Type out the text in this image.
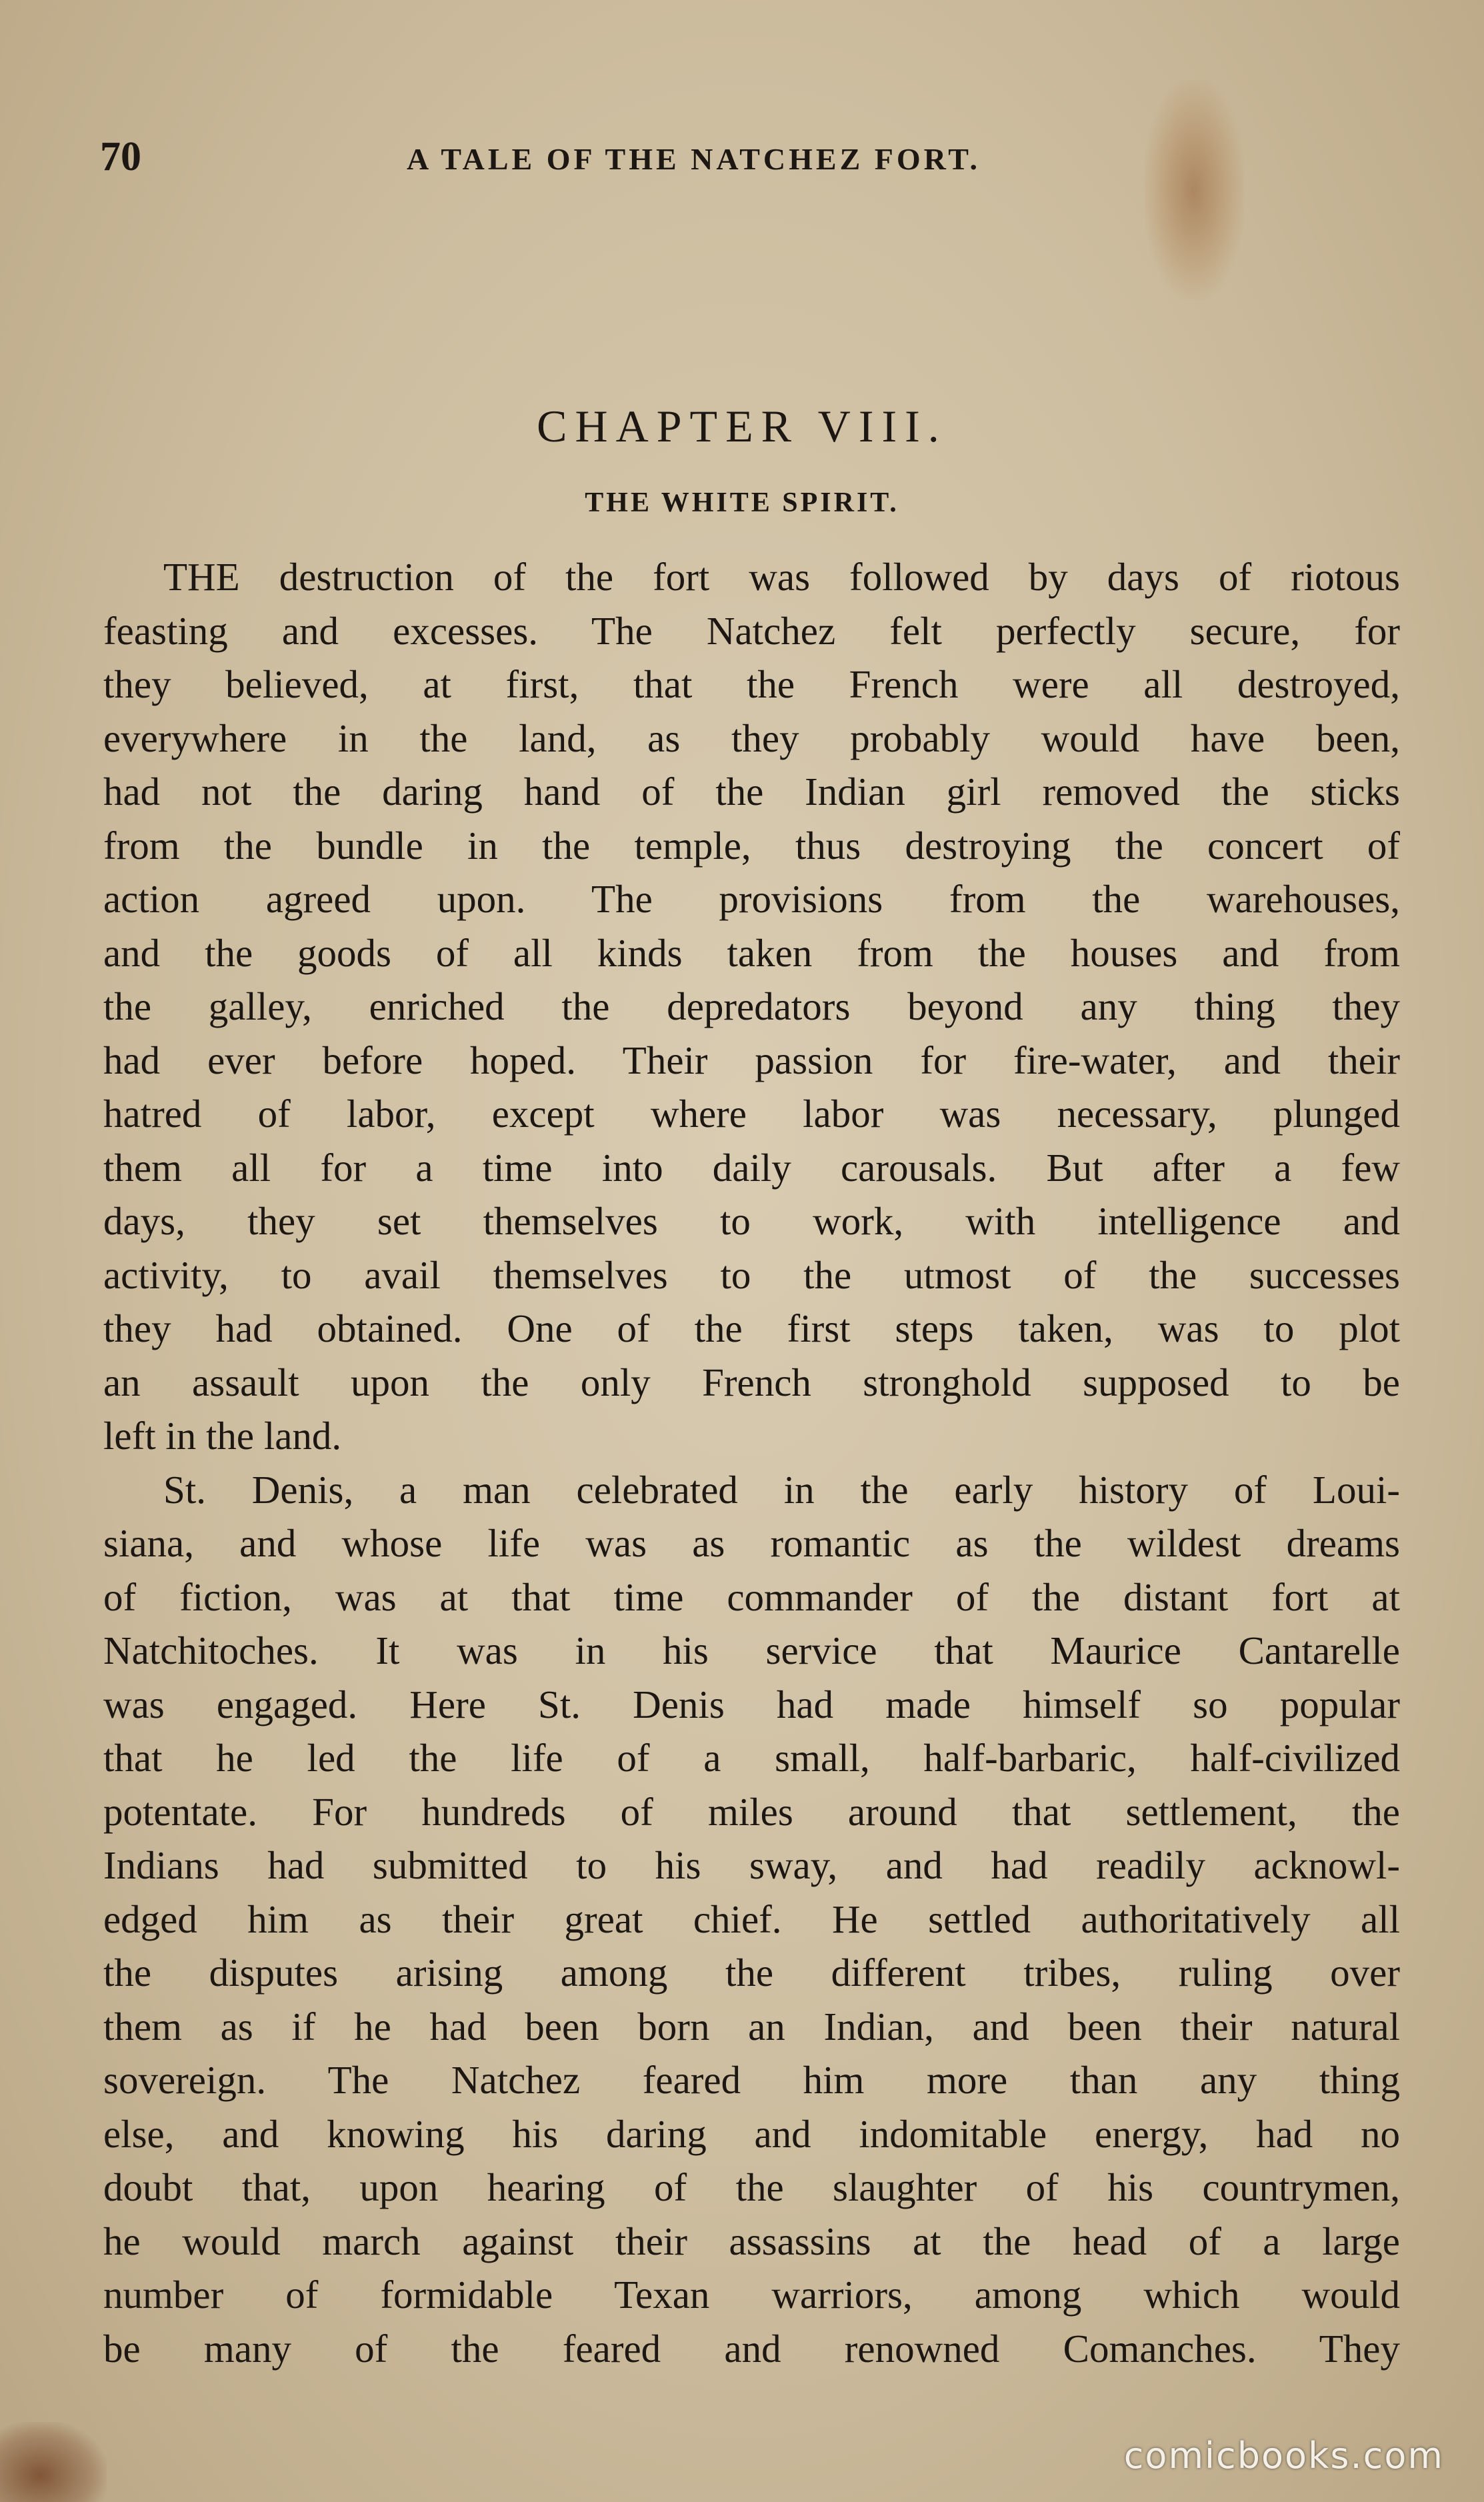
70	A TALE OF THE NATCHEZ FORT.
CHAPTER VIII.
THE WHITE SPIRIT.
THE destruction of the fort was followed by days of riotous
feasting and excesses. The Natchez felt perfectly secure, for
they believed, at first, that the French were all destroyed,
everywhere in the land, as they probably would have been,
had not the daring hand of the Indian girl removed the sticks
from the bundle in the temple, thus destroying the concert of
action agreed upon. The provisions from the warehouses,
and the goods of all kinds taken from the houses and from
the galley, enriched the depredators beyond any thing they
had ever before hoped. Their passion for fire-water, and their
hatred of labor, except where labor was necessary, plunged
them all for a time into daily carousals. But after a few
days, they set themselves to work, with intelligence and
activity, to avail themselves to the utmost of the successes
they had obtained. One of the first steps taken, was to plot
an assault upon the only French stronghold supposed to be
left in the land.
St. Denis, a man celebrated in the early history of Loui-
siana, and whose life was as romantic as the wildest dreams
of fiction, was at that time commander of the distant fort at
Natchitoches. It was in his service that Maurice Cantarelle
was engaged. Here St. Denis had made himself so popular
that he led the life of a small, half-barbaric, half-civilized
potentate. For hundreds of miles around that settlement, the
Indians had submitted to his sway, and had readily acknowl-
edged him as their great chief. He settled authoritatively all
the disputes arising among the different tribes, ruling over
them as if he had been born an Indian, and been their natural
sovereign. The Natchez feared him more than any thing
else, and knowing his daring and indomitable energy, had no
doubt that, upon hearing of the slaughter of his countrymen,
he would march against their assassins at the head of a large
number of formidable Texan warriors, among which would
be many of the feared and renowned Comanches. They
comicbooks.com
